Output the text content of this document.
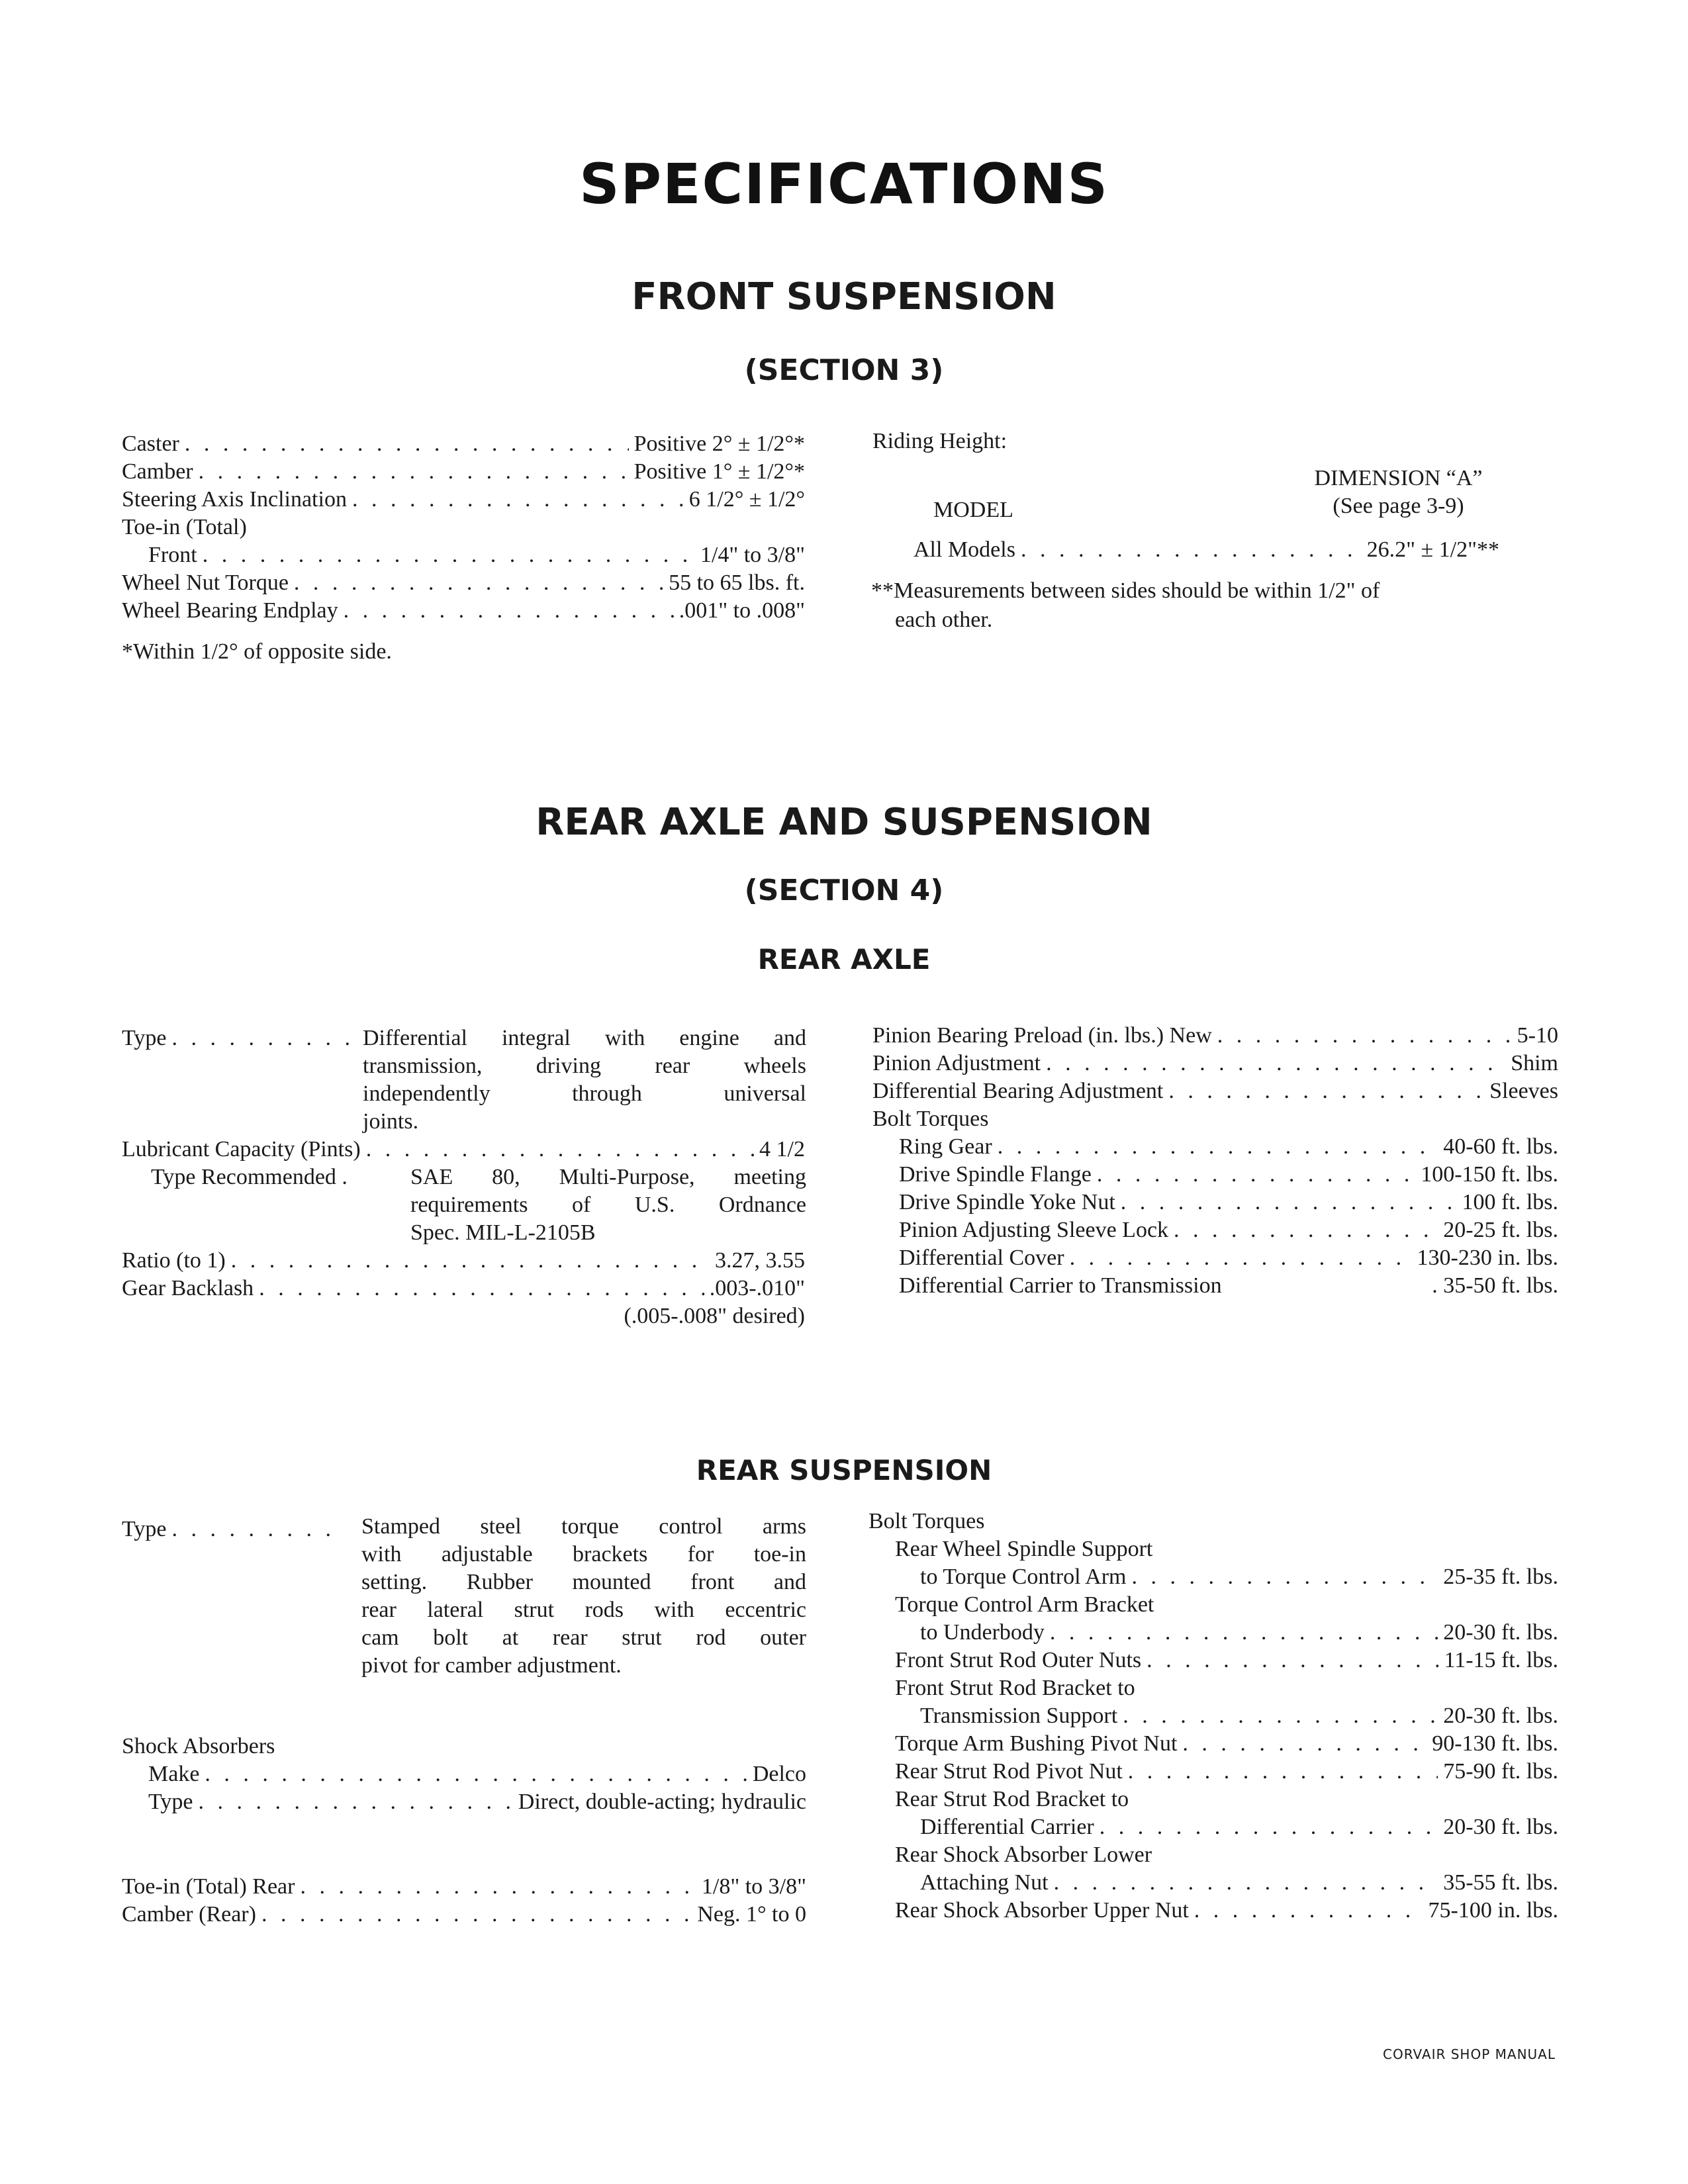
SPECIFICATIONS
FRONT SUSPENSION
(SECTION 3)
Caster . . .	Positive 2° ± 1/2°*
Camber . . .	Positive 1° ± 1/2°*
Steering Axis Inclination . . .	6 1/2° ± 1/2°
Toe-in (Total)
Front . . .	1/4" to 3/8"
Wheel Nut Torque . . .	55 to 65 lbs. ft.
Wheel Bearing Endplay . . .	.001" to .008"
*Within 1/2° of opposite side.
Riding Height:
DIMENSION “A”
(See page 3-9)
MODEL
All Models . . .	26.2" ± 1/2"**
**Measurements between sides should be within 1/2" of
each other.
REAR AXLE AND SUSPENSION
(SECTION 4)
REAR AXLE
Type . . .	Differential integral with engine and
transmission, driving rear wheels
independently through universal
joints.
Lubricant Capacity (Pints) . . .	4 1/2
Type Recommended .	SAE 80, Multi-Purpose, meeting
requirements of U.S. Ordnance
Spec. MIL-L-2105B
Ratio (to 1) . . .	3.27, 3.55
Gear Backlash . . .	.003-.010"
(.005-.008" desired)
Pinion Bearing Preload (in. lbs.) New . . .	5-10
Pinion Adjustment . . .	Shim
Differential Bearing Adjustment . . .	Sleeves
Bolt Torques
Ring Gear . . .	40-60 ft. lbs.
Drive Spindle Flange . . .	100-150 ft. lbs.
Drive Spindle Yoke Nut . . .	100 ft. lbs.
Pinion Adjusting Sleeve Lock . . .	20-25 ft. lbs.
Differential Cover . . .	130-230 in. lbs.
Differential Carrier to Transmission	. 35-50 ft. lbs.
REAR SUSPENSION
Type . . .	Stamped steel torque control arms
with adjustable brackets for toe-in
setting. Rubber mounted front and
rear lateral strut rods with eccentric
cam bolt at rear strut rod outer
pivot for camber adjustment.
Shock Absorbers
Make . . .	Delco
Type . . .	Direct, double-acting; hydraulic
Toe-in (Total) Rear . . .	1/8" to 3/8"
Camber (Rear) . . .	Neg. 1° to 0
Bolt Torques
Rear Wheel Spindle Support
to Torque Control Arm . . .	25-35 ft. lbs.
Torque Control Arm Bracket
to Underbody . . .	20-30 ft. lbs.
Front Strut Rod Outer Nuts . . .	11-15 ft. lbs.
Front Strut Rod Bracket to
Transmission Support . . .	20-30 ft. lbs.
Torque Arm Bushing Pivot Nut . . .	90-130 ft. lbs.
Rear Strut Rod Pivot Nut . . .	75-90 ft. lbs.
Rear Strut Rod Bracket to
Differential Carrier . . .	20-30 ft. lbs.
Rear Shock Absorber Lower
Attaching Nut . . .	35-55 ft. lbs.
Rear Shock Absorber Upper Nut . . .	75-100 in. lbs.
CORVAIR SHOP MANUAL
